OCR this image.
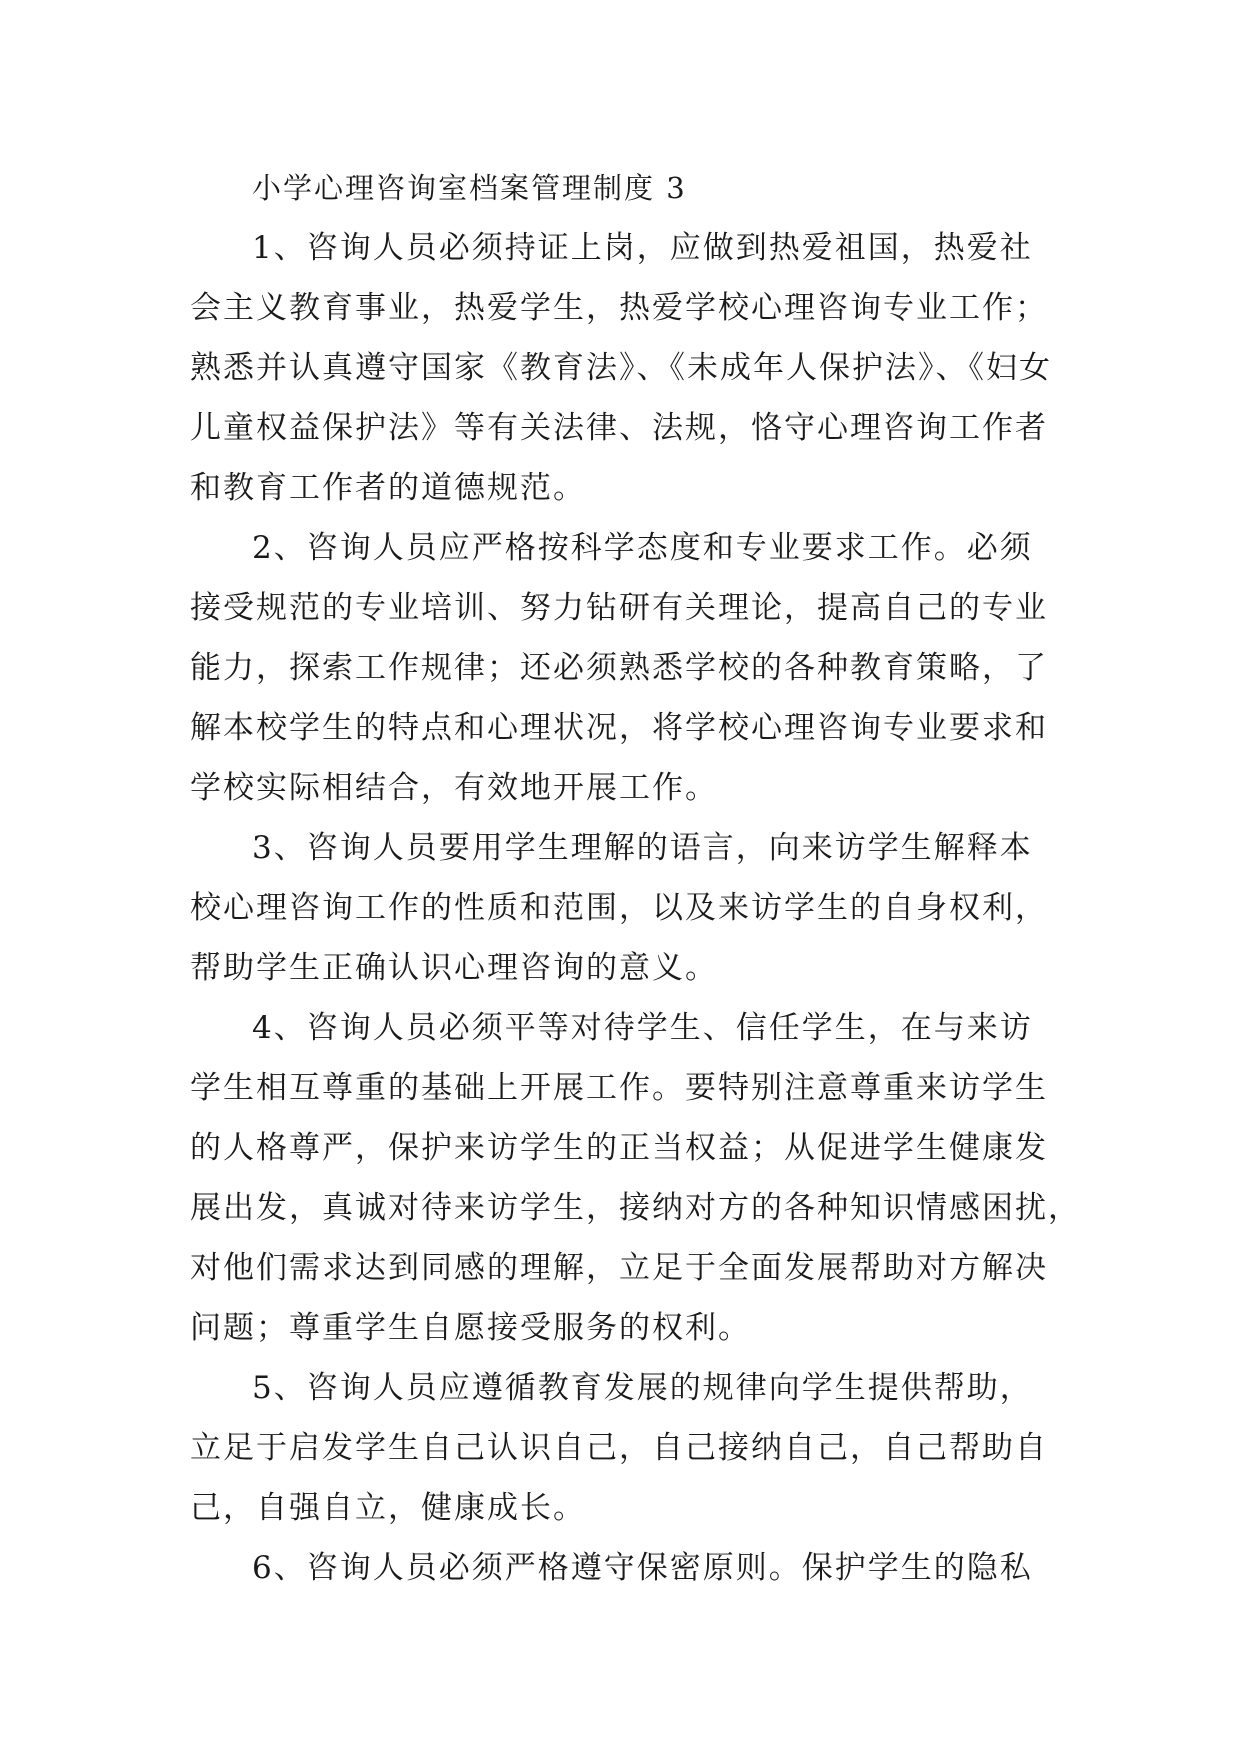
小学心理咨询室档案管理制度 3
1、咨询人员必须持证上岗，应做到热爱祖国，热爱社
会主义教育事业，热爱学生，热爱学校心理咨询专业工作；
熟悉并认真遵守国家《教育法》、《未成年人保护法》、《妇女
儿童权益保护法》等有关法律、法规，恪守心理咨询工作者
和教育工作者的道德规范。
2、咨询人员应严格按科学态度和专业要求工作。必须
接受规范的专业培训、努力钻研有关理论，提高自己的专业
能力，探索工作规律；还必须熟悉学校的各种教育策略，了
解本校学生的特点和心理状况，将学校心理咨询专业要求和
学校实际相结合，有效地开展工作。
3、咨询人员要用学生理解的语言，向来访学生解释本
校心理咨询工作的性质和范围，以及来访学生的自身权利，
帮助学生正确认识心理咨询的意义。
4、咨询人员必须平等对待学生、信任学生，在与来访
学生相互尊重的基础上开展工作。要特别注意尊重来访学生
的人格尊严，保护来访学生的正当权益；从促进学生健康发
展出发，真诚对待来访学生，接纳对方的各种知识情感困扰，
对他们需求达到同感的理解，立足于全面发展帮助对方解决
问题；尊重学生自愿接受服务的权利。
5、咨询人员应遵循教育发展的规律向学生提供帮助，
立足于启发学生自己认识自己，自己接纳自己，自己帮助自
己，自强自立，健康成长。
6、咨询人员必须严格遵守保密原则。保护学生的隐私
